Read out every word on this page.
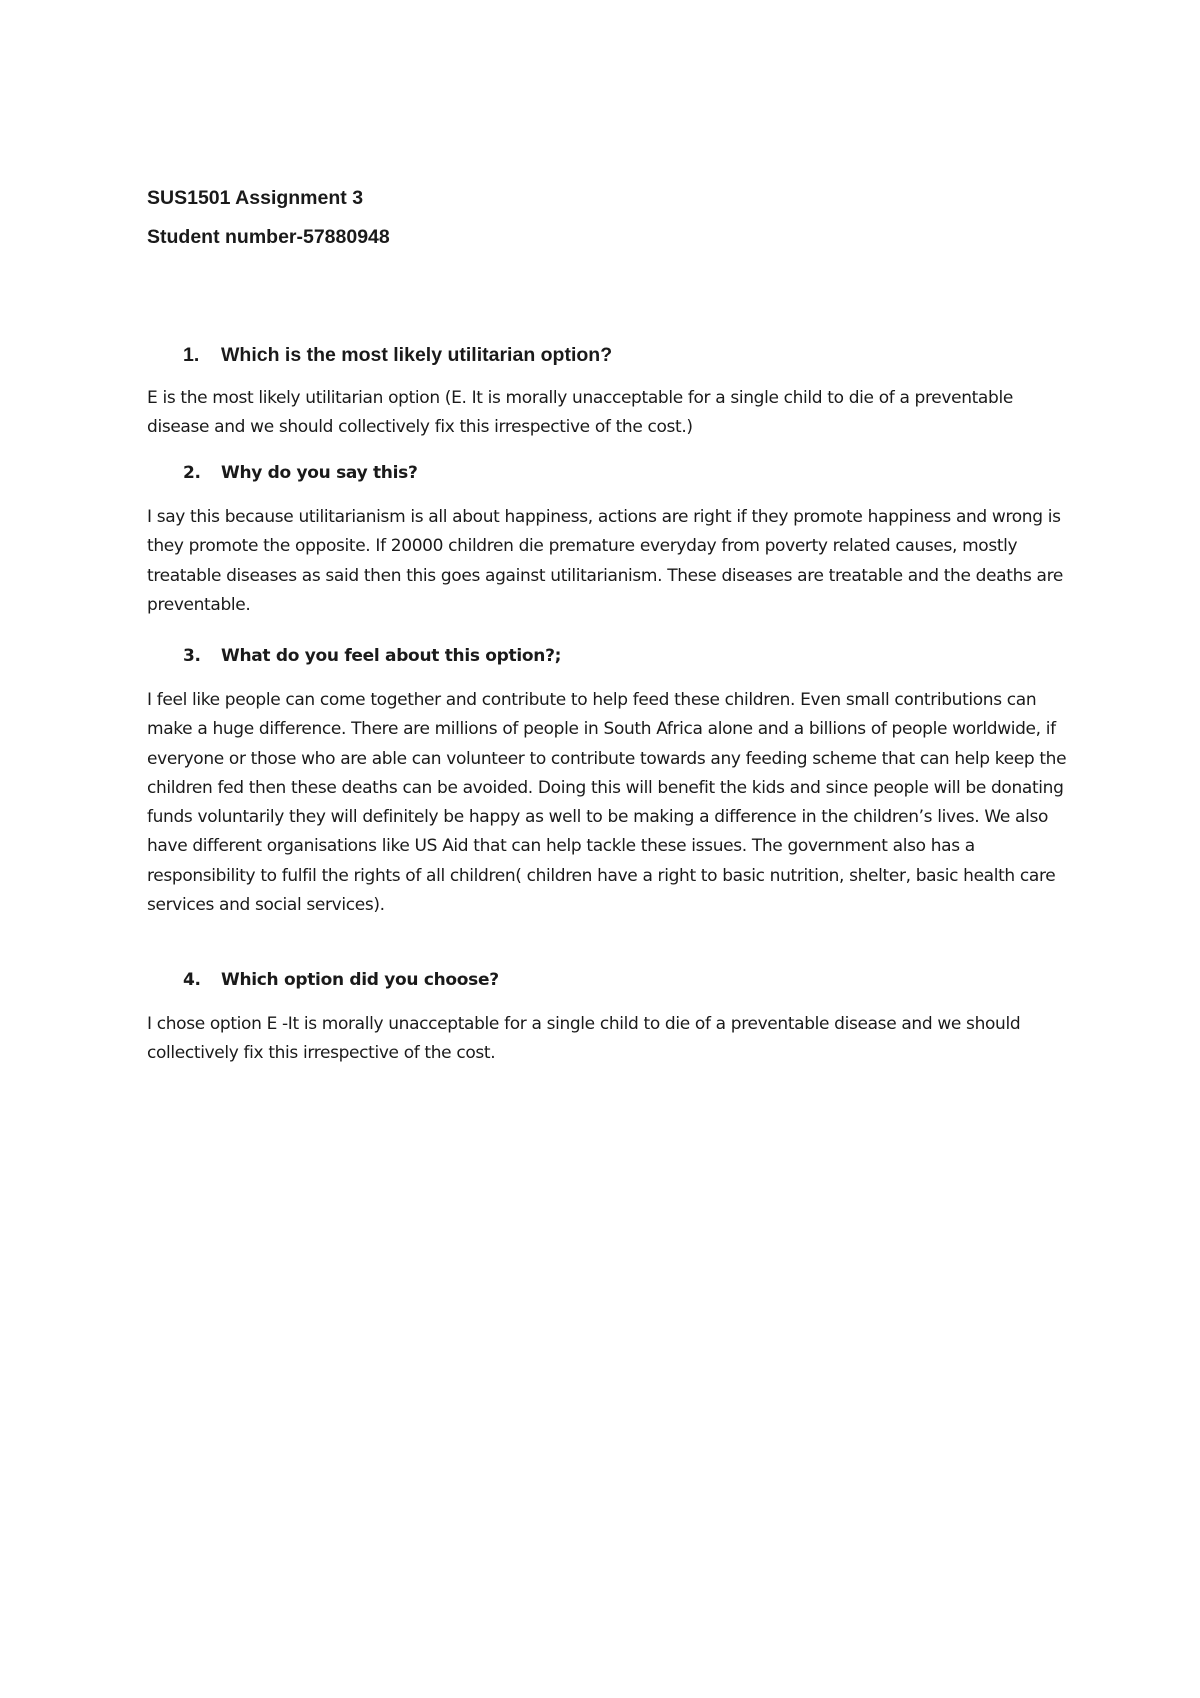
SUS1501 Assignment 3
Student number-57880948

1. Which is the most likely utilitarian option?

E is the most likely utilitarian option (E. It is morally unacceptable for a single child to die of a preventable disease and we should collectively fix this irrespective of the cost.)

2. Why do you say this?

I say this because utilitarianism is all about happiness, actions are right if they promote happiness and wrong is they promote the opposite. If 20000 children die premature everyday from poverty related causes, mostly treatable diseases as said then this goes against utilitarianism. These diseases are treatable and the deaths are preventable.

3. What do you feel about this option?;

I feel like people can come together and contribute to help feed these children. Even small contributions can make a huge difference. There are millions of people in South Africa alone and a billions of people worldwide, if everyone or those who are able can volunteer to contribute towards any feeding scheme that can help keep the children fed then these deaths can be avoided. Doing this will benefit the kids and since people will be donating funds voluntarily they will definitely be happy as well to be making a difference in the children’s lives. We also have different organisations like US Aid that can help tackle these issues. The government also has a responsibility to fulfil the rights of all children( children have a right to basic nutrition, shelter, basic health care services and social services).

4. Which option did you choose?

I chose option E -It is morally unacceptable for a single child to die of a preventable disease and we should collectively fix this irrespective of the cost.
